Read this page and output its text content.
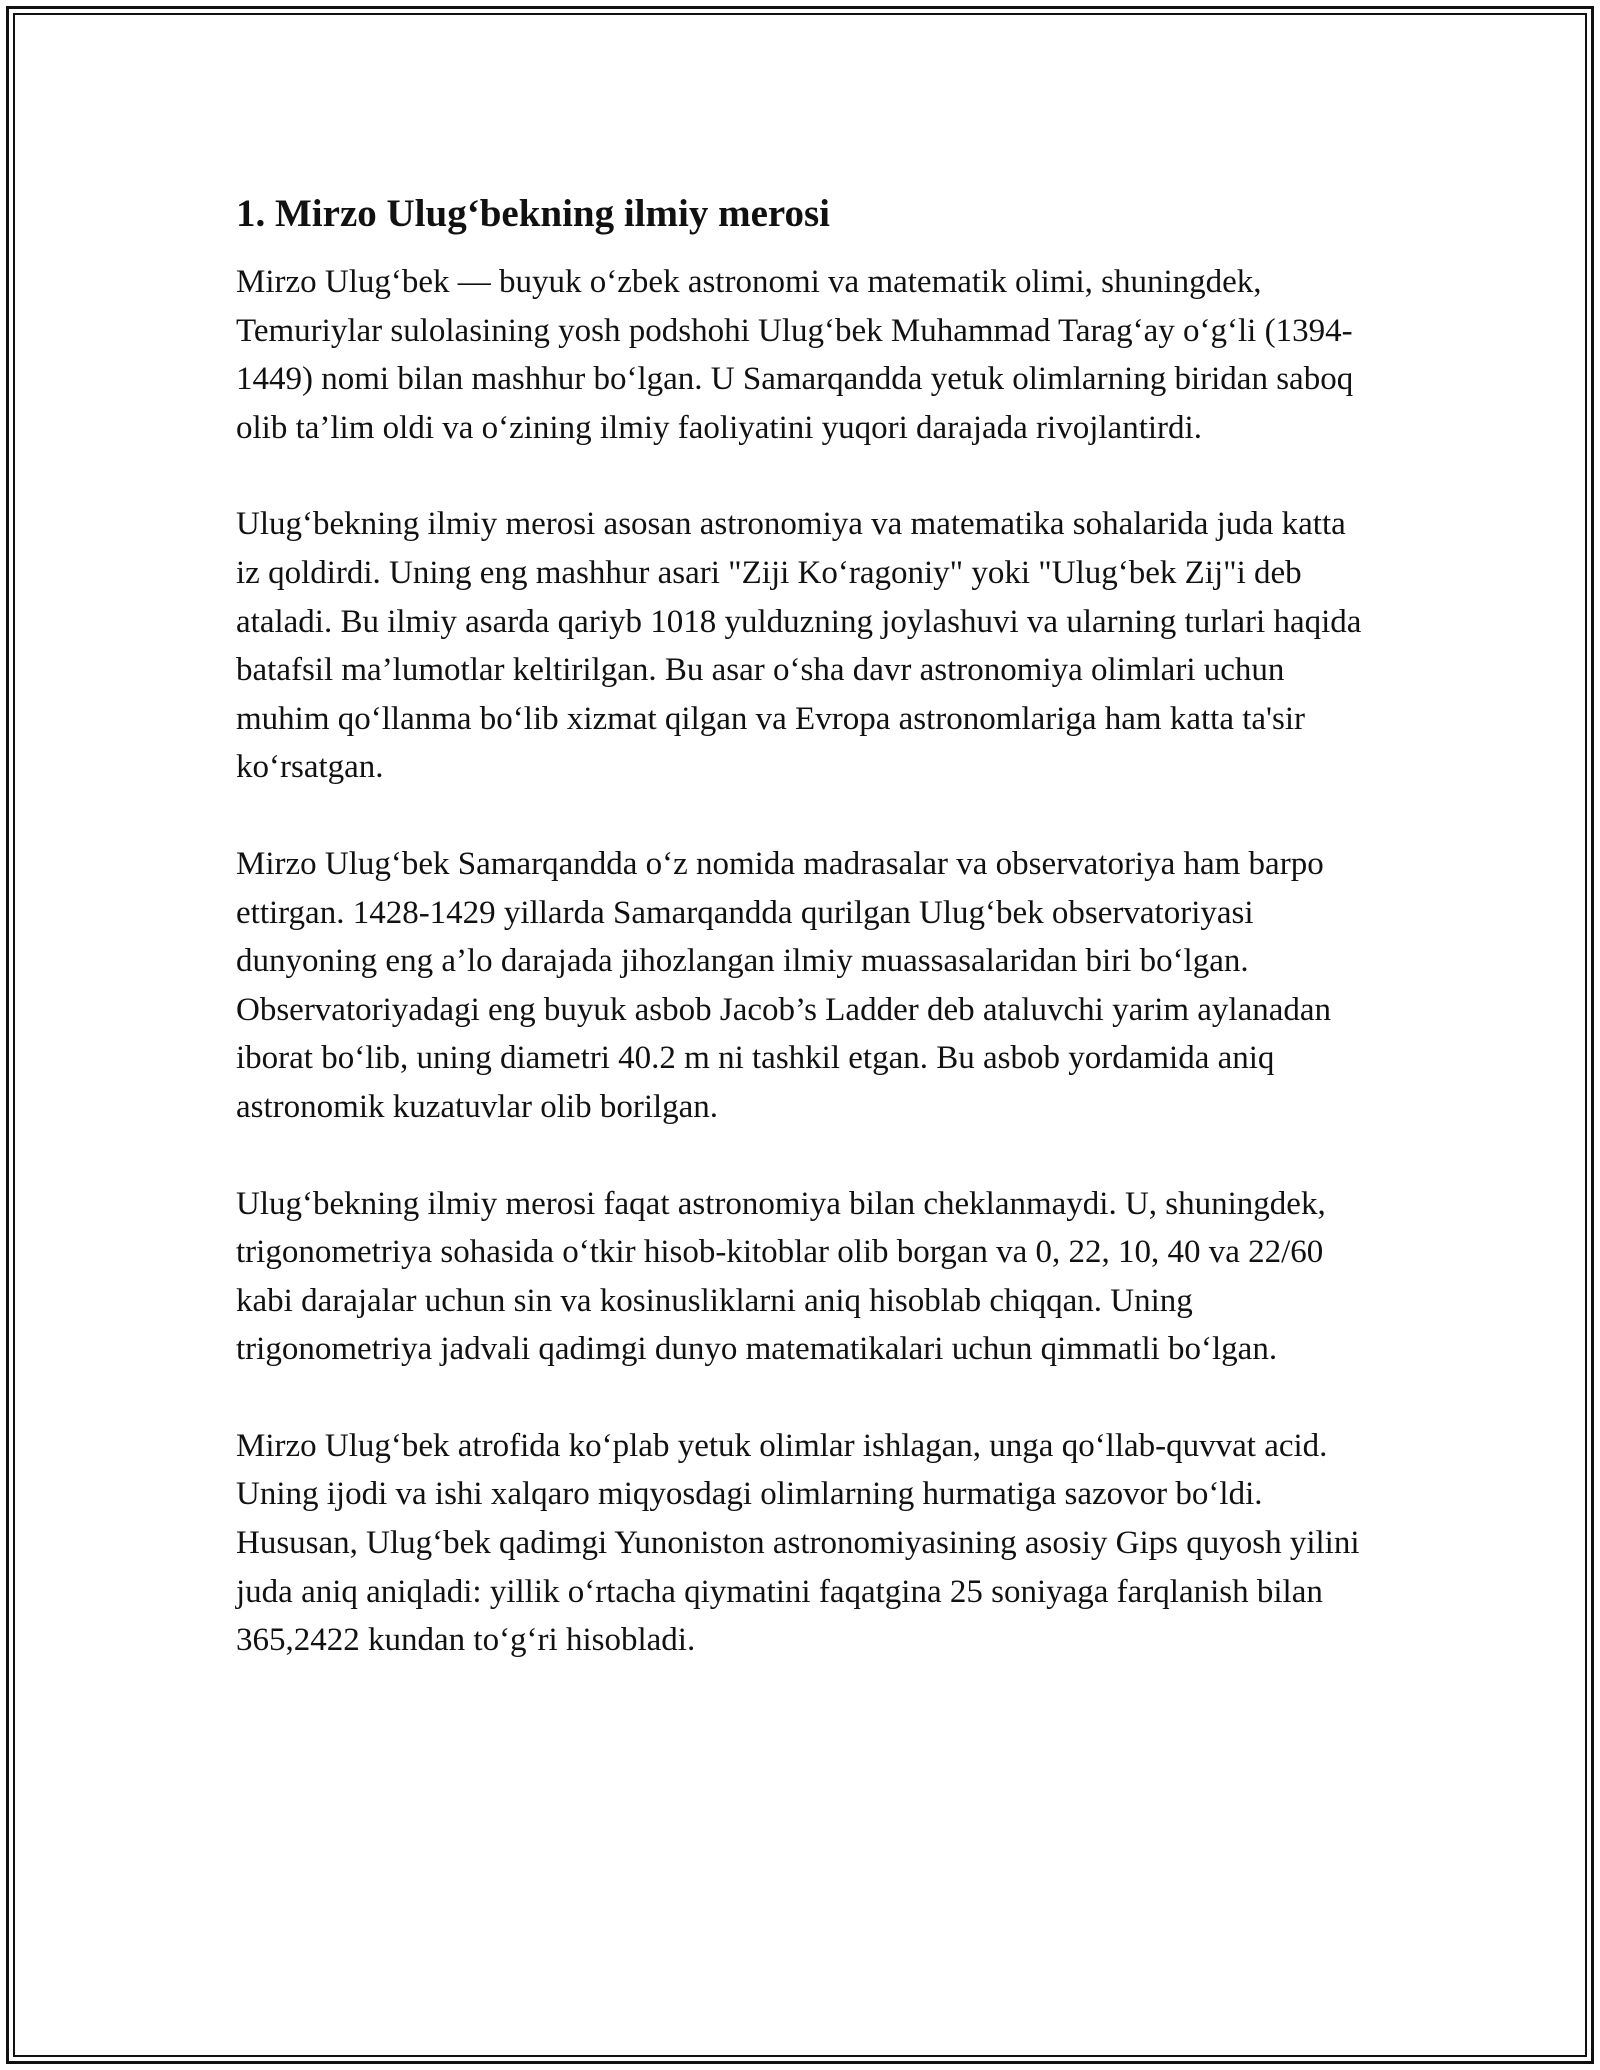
1. Mirzo Ulug‘bekning ilmiy merosi

Mirzo Ulug‘bek — buyuk o‘zbek astronomi va matematik olimi, shuningdek, Temuriylar sulolasining yosh podshohi Ulug‘bek Muhammad Tarag‘ay o‘g‘li (1394-1449) nomi bilan mashhur bo‘lgan. U Samarqandda yetuk olimlarning biridan saboq olib ta’lim oldi va o‘zining ilmiy faoliyatini yuqori darajada rivojlantirdi.

Ulug‘bekning ilmiy merosi asosan astronomiya va matematika sohalarida juda katta iz qoldirdi. Uning eng mashhur asari "Ziji Ko‘ragoniy" yoki "Ulug‘bek Zij"i deb ataladi. Bu ilmiy asarda qariyb 1018 yulduzning joylashuvi va ularning turlari haqida batafsil ma’lumotlar keltirilgan. Bu asar o‘sha davr astronomiya olimlari uchun muhim qo‘llanma bo‘lib xizmat qilgan va Evropa astronomlariga ham katta ta'sir ko‘rsatgan.

Mirzo Ulug‘bek Samarqandda o‘z nomida madrasalar va observatoriya ham barpo ettirgan. 1428-1429 yillarda Samarqandda qurilgan Ulug‘bek observatoriyasi dunyoning eng a’lo darajada jihozlangan ilmiy muassasalaridan biri bo‘lgan. Observatoriyadagi eng buyuk asbob Jacob’s Ladder deb ataluvchi yarim aylanadan iborat bo‘lib, uning diametri 40.2 m ni tashkil etgan. Bu asbob yordamida aniq astronomik kuzatuvlar olib borilgan.

Ulug‘bekning ilmiy merosi faqat astronomiya bilan cheklanmaydi. U, shuningdek, trigonometriya sohasida o‘tkir hisob-kitoblar olib borgan va 0, 22, 10, 40 va 22/60 kabi darajalar uchun sin va kosinusliklarni aniq hisoblab chiqqan. Uning trigonometriya jadvali qadimgi dunyo matematikalari uchun qimmatli bo‘lgan.

Mirzo Ulug‘bek atrofida ko‘plab yetuk olimlar ishlagan, unga qo‘llab-quvvat acid. Uning ijodi va ishi xalqaro miqyosdagi olimlarning hurmatiga sazovor bo‘ldi. Hususan, Ulug‘bek qadimgi Yunoniston astronomiyasining asosiy Gips quyosh yilini juda aniq aniqladi: yillik o‘rtacha qiymatini faqatgina 25 soniyaga farqlanish bilan 365,2422 kundan to‘g‘ri hisobladi.
